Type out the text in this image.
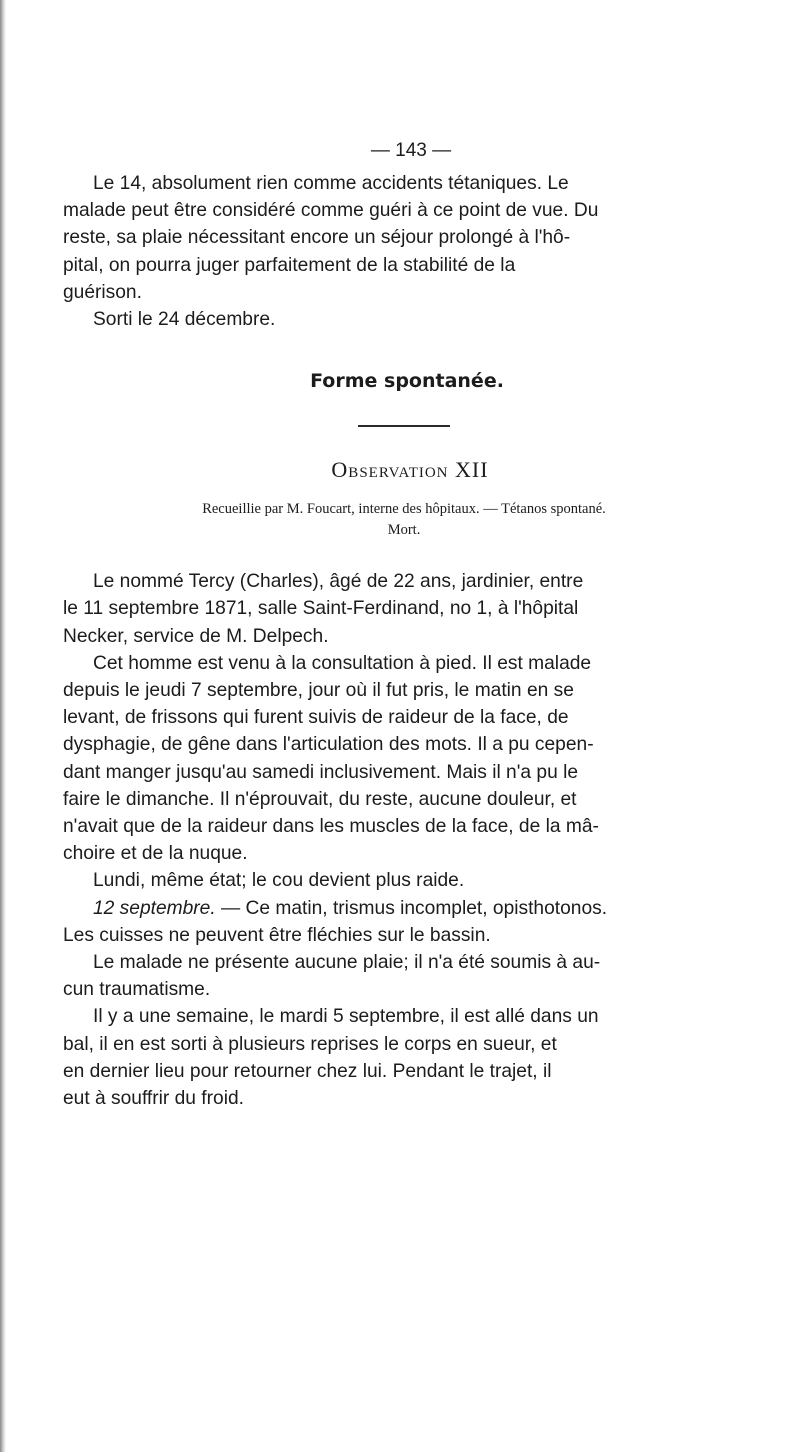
— 143 —

Le 14, absolument rien comme accidents tétaniques. Le

malade peut être considéré comme guéri à ce point de vue. Du

reste, sa plaie nécessitant encore un séjour prolongé à l'hô-

pital, on pourra juger parfaitement de la stabilité de la

guérison.

Sorti le 24 décembre.

Forme spontanée.
Observation XII
Recueillie par M. Foucart, interne des hôpitaux. — Tétanos spontané.
Mort.

Le nommé Tercy (Charles), âgé de 22 ans, jardinier, entre

le 11 septembre 1871, salle Saint-Ferdinand, no 1, à l'hôpital

Necker, service de M. Delpech.

Cet homme est venu à la consultation à pied. Il est malade

depuis le jeudi 7 septembre, jour où il fut pris, le matin en se

levant, de frissons qui furent suivis de raideur de la face, de

dysphagie, de gêne dans l'articulation des mots. Il a pu cepen-

dant manger jusqu'au samedi inclusivement. Mais il n'a pu le

faire le dimanche. Il n'éprouvait, du reste, aucune douleur, et

n'avait que de la raideur dans les muscles de la face, de la mâ-

choire et de la nuque.

Lundi, même état; le cou devient plus raide.

12 septembre. — Ce matin, trismus incomplet, opisthotonos.

Les cuisses ne peuvent être fléchies sur le bassin.

Le malade ne présente aucune plaie; il n'a été soumis à au-

cun traumatisme.

Il y a une semaine, le mardi 5 septembre, il est allé dans un

bal, il en est sorti à plusieurs reprises le corps en sueur, et

en dernier lieu pour retourner chez lui. Pendant le trajet, il

eut à souffrir du froid.
